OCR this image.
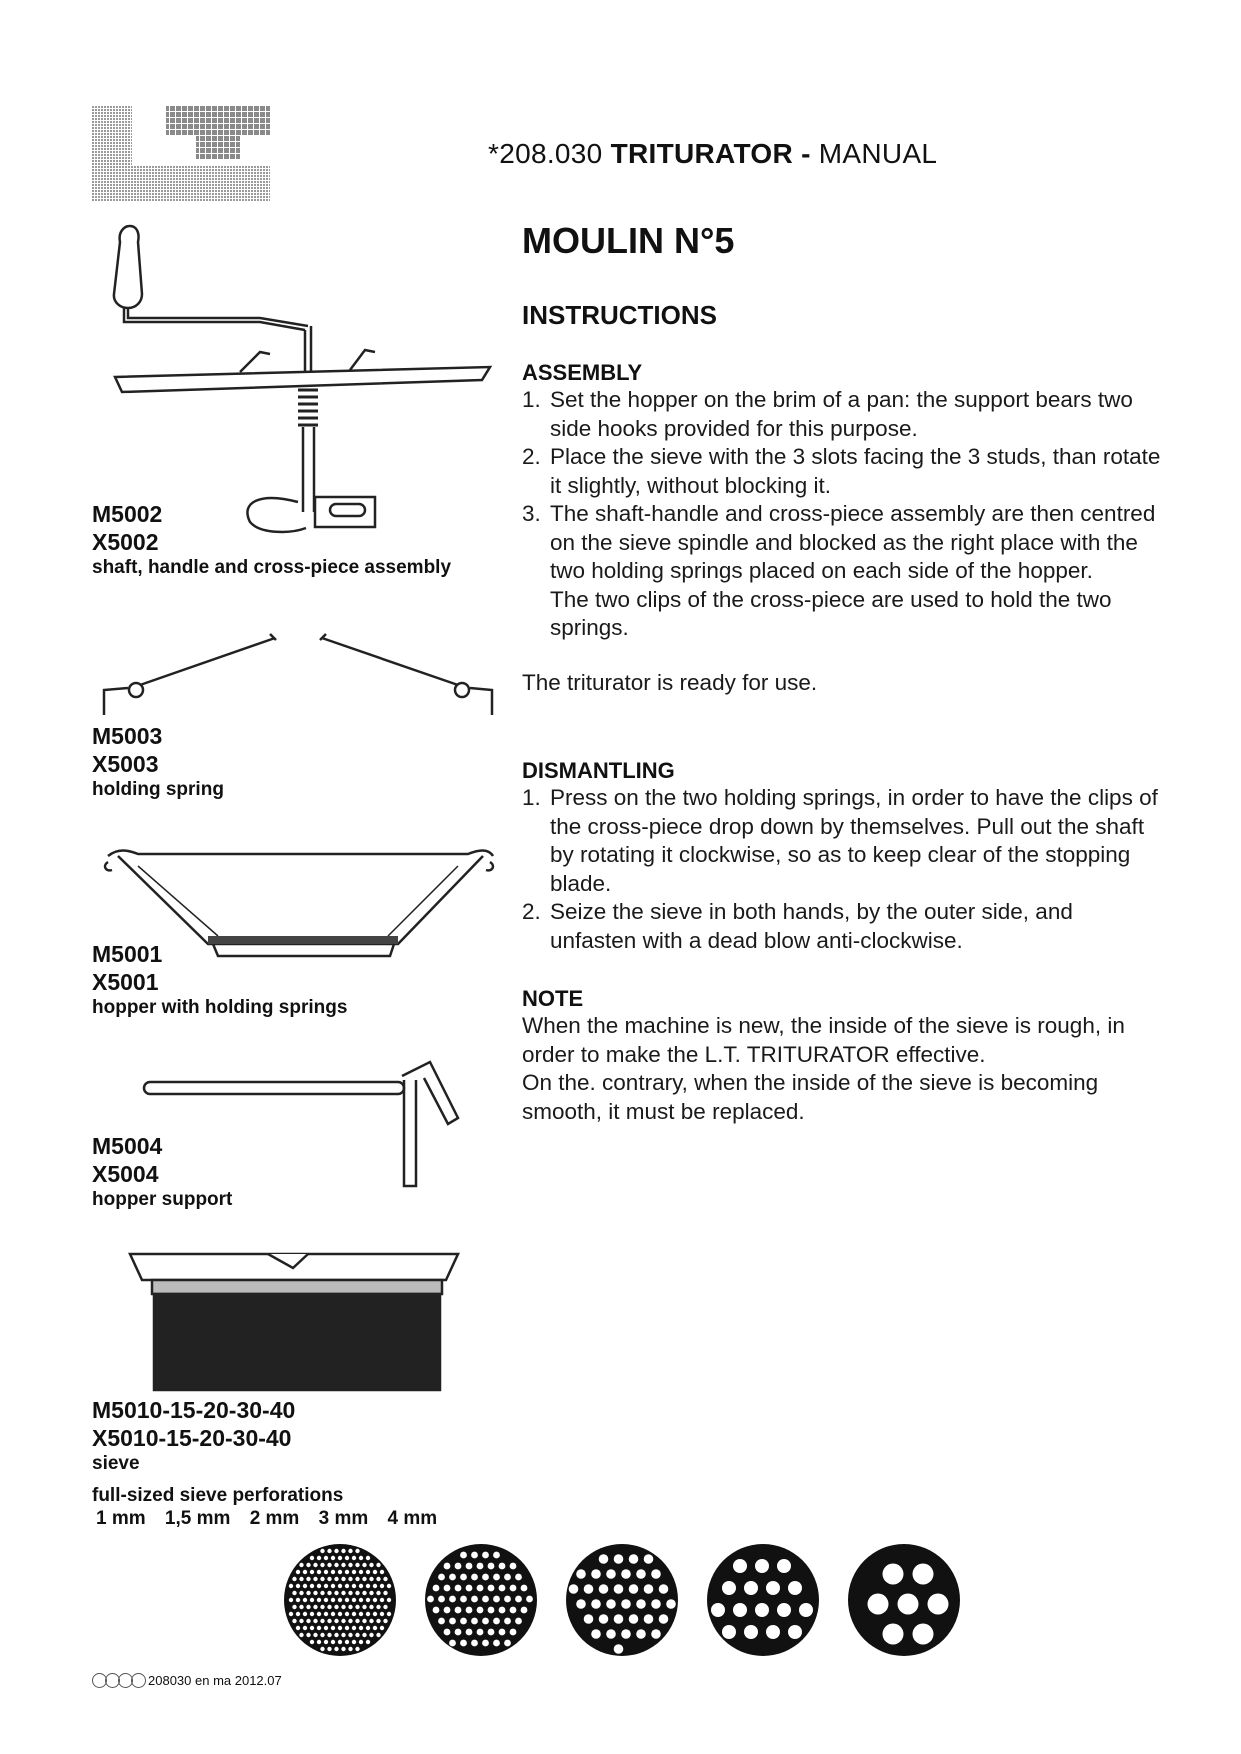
*208.030 TRITURATOR - MANUAL
MOULIN N°5
INSTRUCTIONS
ASSEMBLY
1. Set the hopper on the brim of a pan: the support bears two side hooks provided for this purpose.
2. Place the sieve with the 3 slots facing the 3 studs, than rotate it slightly, without blocking it.
3. The shaft-handle and cross-piece assembly are then centred on the sieve spindle and blocked as the right place with the two holding springs placed on each side of the hopper.
The two clips of the cross-piece are used to hold the two springs.
The triturator is ready for use.
DISMANTLING
1. Press on the two holding springs, in order to have the clips of the cross-piece drop down by themselves. Pull out the shaft by rotating it clockwise, so as to keep clear of the stopping blade.
2. Seize the sieve in both hands, by the outer side, and unfasten with a dead blow anti-clockwise.
NOTE
When the machine is new, the inside of the sieve is rough, in order to make the L.T. TRITURATOR effective.
On the. contrary, when the inside of the sieve is becoming smooth, it must be replaced.
M5002
X5002
shaft, handle and cross-piece assembly
M5003
X5003
holding spring
M5001
X5001
hopper with holding springs
M5004
X5004
hopper support
M5010-15-20-30-40
X5010-15-20-30-40
sieve
full-sized sieve perforations
1 mm 1,5 mm 2 mm 3 mm 4 mm
208030 en ma 2012.07
